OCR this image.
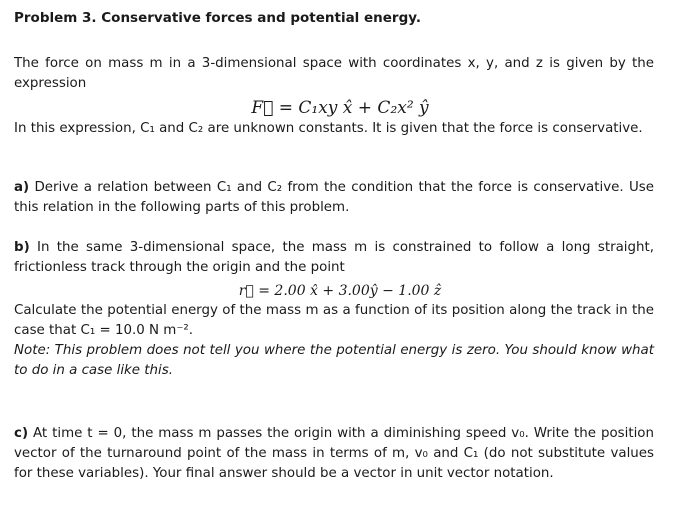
Problem 3. Conservative forces and potential energy.

The force on mass m in a 3-dimensional space with coordinates x, y, and z is given by the expression

F⃗ = C₁xy x̂ + C₂x² ŷ

In this expression, C₁ and C₂ are unknown constants. It is given that the force is conservative.

a) Derive a relation between C₁ and C₂ from the condition that the force is conservative. Use this relation in the following parts of this problem.

b) In the same 3-dimensional space, the mass m is constrained to follow a long straight, frictionless track through the origin and the point

r⃗ = 2.00 x̂ + 3.00ŷ − 1.00 ẑ

Calculate the potential energy of the mass m as a function of its position along the track in the case that C₁ = 10.0 N m⁻².

Note: This problem does not tell you where the potential energy is zero. You should know what to do in a case like this.

c) At time t = 0, the mass m passes the origin with a diminishing speed v₀. Write the position vector of the turnaround point of the mass in terms of m, v₀ and C₁ (do not substitute values for these variables). Your final answer should be a vector in unit vector notation.
